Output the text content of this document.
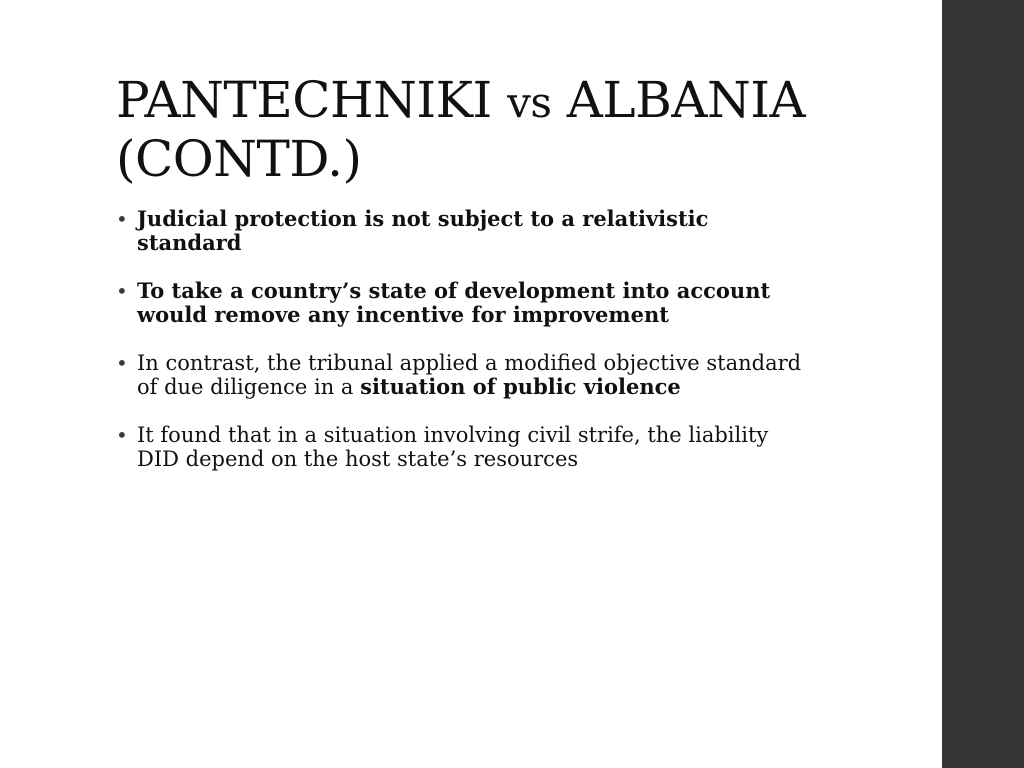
PANTECHNIKI vs ALBANIA (CONTD.)
• Judicial protection is not subject to a relativistic standard
• To take a country’s state of development into account would remove any incentive for improvement
• In contrast, the tribunal applied a modified objective standard of due diligence in a situation of public violence
• It found that in a situation involving civil strife, the liability DID depend on the host state’s resources
